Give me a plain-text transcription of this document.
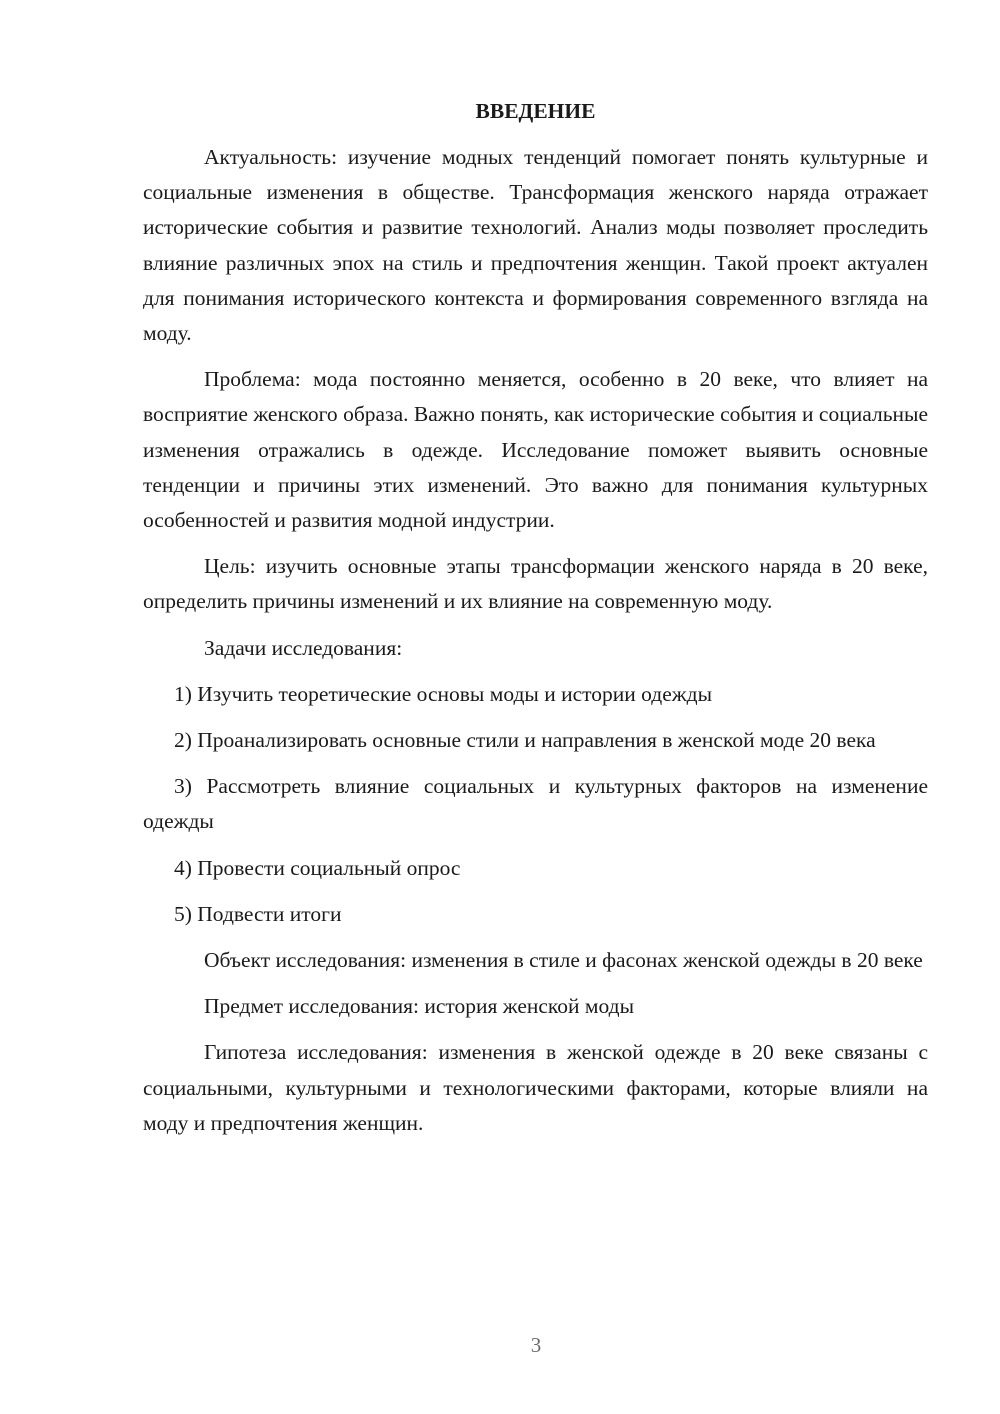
ВВЕДЕНИЕ

Актуальность: изучение модных тенденций помогает понять культурные и социальные изменения в обществе. Трансформация женского наряда отражает исторические события и развитие технологий. Анализ моды позволяет проследить влияние различных эпох на стиль и предпочтения женщин. Такой проект актуален для понимания исторического контекста и формирования современного взгляда на моду.

Проблема: мода постоянно меняется, особенно в 20 веке, что влияет на восприятие женского образа. Важно понять, как исторические события и социальные изменения отражались в одежде. Исследование поможет выявить основные тенденции и причины этих изменений. Это важно для понимания культурных особенностей и развития модной индустрии.

Цель: изучить основные этапы трансформации женского наряда в 20 веке, определить причины изменений и их влияние на современную моду.

Задачи исследования:

1) Изучить теоретические основы моды и истории одежды

2) Проанализировать основные стили и направления в женской моде 20 века

3) Рассмотреть влияние социальных и культурных факторов на изменение одежды

4) Провести социальный опрос

5) Подвести итоги

Объект исследования: изменения в стиле и фасонах женской одежды в 20 веке

Предмет исследования: история женской моды

Гипотеза исследования: изменения в женской одежде в 20 веке связаны с социальными, культурными и технологическими факторами, которые влияли на моду и предпочтения женщин.

3
